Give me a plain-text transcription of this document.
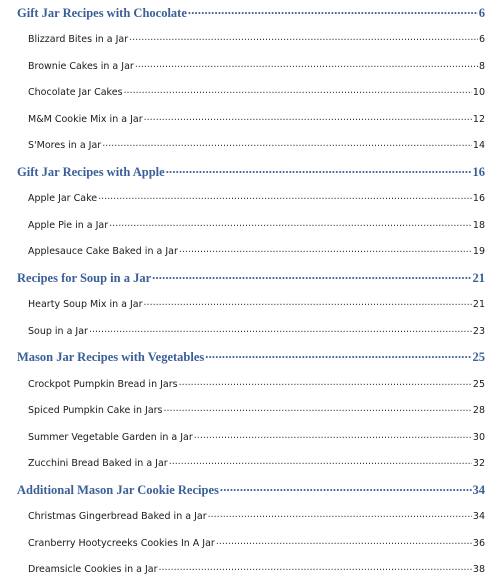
Gift Jar Recipes with Chocolate .....	6
Blizzard Bites in a Jar .....	6
Brownie Cakes in a Jar .....	8
Chocolate Jar Cakes .....	10
M&M Cookie Mix in a Jar .....	12
S'Mores in a Jar .....	14
Gift Jar Recipes with Apple .....	16
Apple Jar Cake .....	16
Apple Pie in a Jar .....	18
Applesauce Cake Baked in a Jar .....	19
Recipes for Soup in a Jar .....	21
Hearty Soup Mix in a Jar .....	21
Soup in a Jar .....	23
Mason Jar Recipes with Vegetables .....	25
Crockpot Pumpkin Bread in Jars .....	25
Spiced Pumpkin Cake in Jars .....	28
Summer Vegetable Garden in a Jar .....	30
Zucchini Bread Baked in a Jar .....	32
Additional Mason Jar Cookie Recipes .....	34
Christmas Gingerbread Baked in a Jar .....	34
Cranberry Hootycreeks Cookies In A Jar .....	36
Dreamsicle Cookies in a Jar .....	38
